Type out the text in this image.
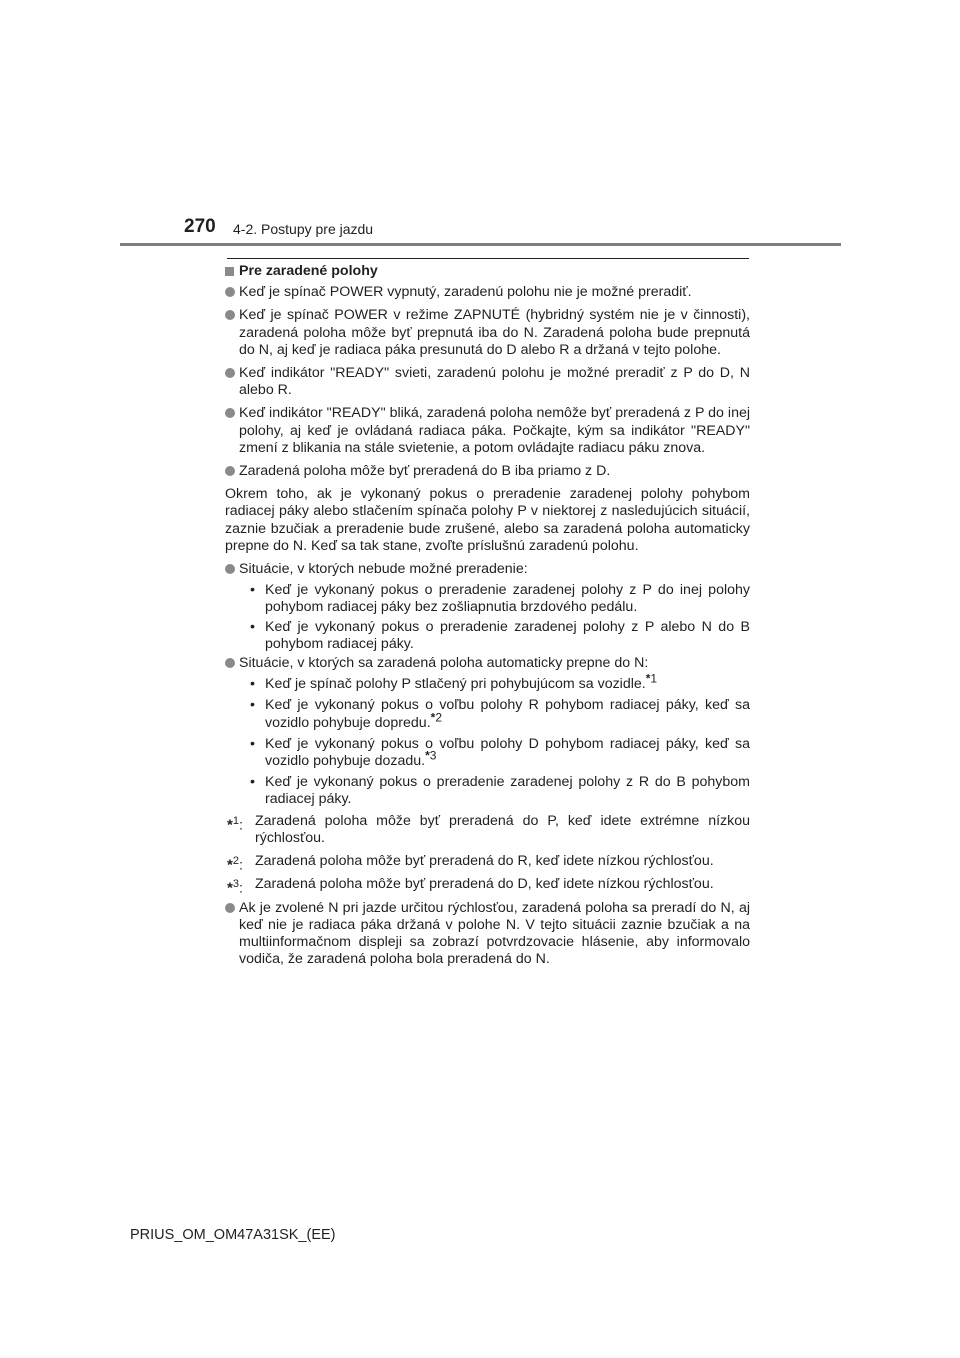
270 4-2. Postupy pre jazdu
Pre zaradené polohy
Keď je spínač POWER vypnutý, zaradenú polohu nie je možné preradiť.
Keď je spínač POWER v režime ZAPNUTÉ (hybridný systém nie je v činnosti), zaradená poloha môže byť prepnutá iba do N. Zaradená poloha bude prepnutá do N, aj keď je radiaca páka presunutá do D alebo R a držaná v tejto polohe.
Keď indikátor "READY" svieti, zaradenú polohu je možné preradiť z P do D, N alebo R.
Keď indikátor "READY" bliká, zaradená poloha nemôže byť preradená z P do inej polohy, aj keď je ovládaná radiaca páka. Počkajte, kým sa indikátor "READY" zmení z blikania na stále svietenie, a potom ovládajte radiacu páku znova.
Zaradená poloha môže byť preradená do B iba priamo z D.

Okrem toho, ak je vykonaný pokus o preradenie zaradenej polohy pohybom radiacej páky alebo stlačením spínača polohy P v niektorej z nasledujúcich situácií, zaznie bzučiak a preradenie bude zrušené, alebo sa zaradená poloha automaticky prepne do N. Keď sa tak stane, zvoľte príslušnú zaradenú polohu.

Situácie, v ktorých nebude možné preradenie:
• Keď je vykonaný pokus o preradenie zaradenej polohy z P do inej polohy pohybom radiacej páky bez zošliapnutia brzdového pedálu.
• Keď je vykonaný pokus o preradenie zaradenej polohy z P alebo N do B pohybom radiacej páky.
Situácie, v ktorých sa zaradená poloha automaticky prepne do N:
• Keď je spínač polohy P stlačený pri pohybujúcom sa vozidle.$^{*1}$
• Keď je vykonaný pokus o voľbu polohy R pohybom radiacej páky, keď sa vozidlo pohybuje dopredu.$^{*2}$
• Keď je vykonaný pokus o voľbu polohy D pohybom radiacej páky, keď sa vozidlo pohybuje dozadu.$^{*3}$
• Keď je vykonaný pokus o preradenie zaradenej polohy z R do B pohybom radiacej páky.
*$^1$: Zaradená poloha môže byť preradená do P, keď idete extrémne nízkou rýchlosťou.
*$^2$: Zaradená poloha môže byť preradená do R, keď idete nízkou rýchlosťou.
*$^3$: Zaradená poloha môže byť preradená do D, keď idete nízkou rýchlosťou.
Ak je zvolené N pri jazde určitou rýchlosťou, zaradená poloha sa preradí do N, aj keď nie je radiaca páka držaná v polohe N. V tejto situácii zaznie bzučiak a na multiinformačnom displeji sa zobrazí potvrdzovacie hlásenie, aby informovalo vodiča, že zaradená poloha bola preradená do N.
PRIUS_OM_OM47A31SK_(EE)
